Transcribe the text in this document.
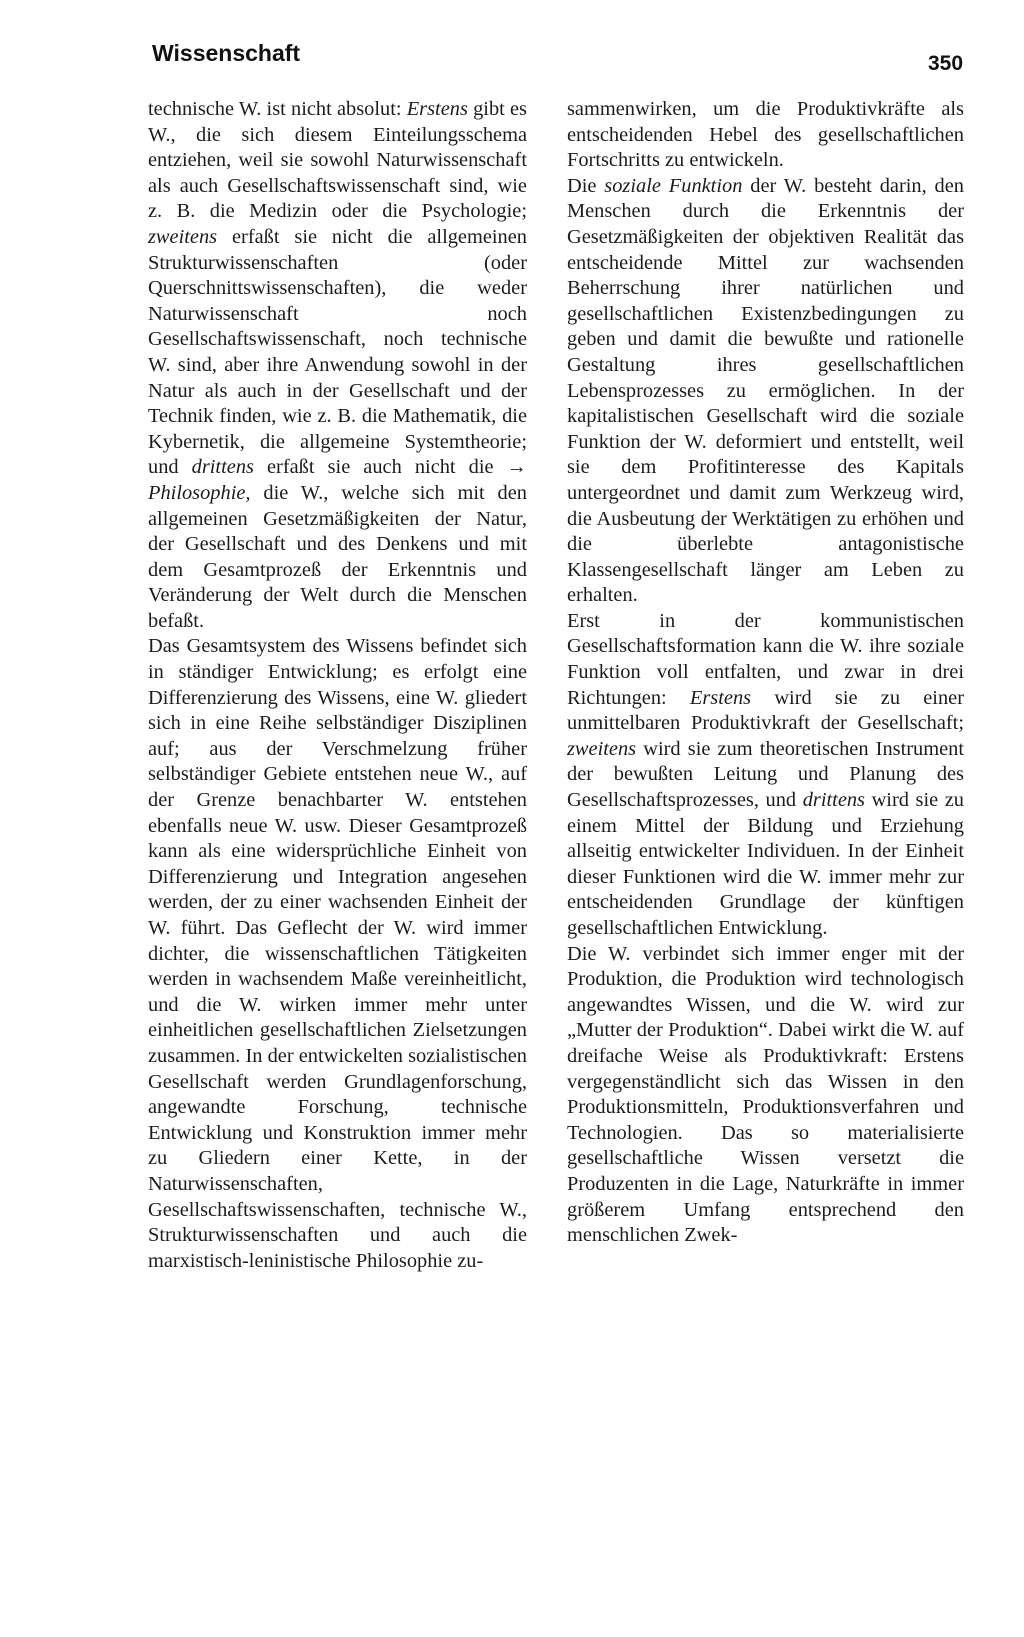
Wissenschaft	350
technische W. ist nicht absolut: Erstens gibt es W., die sich diesem Einteilungsschema entziehen, weil sie sowohl Naturwissenschaft als auch Gesellschaftswissenschaft sind, wie z. B. die Medizin oder die Psychologie; zweitens erfaßt sie nicht die allgemeinen Strukturwissenschaften (oder Querschnittswissenschaften), die weder Naturwissenschaft noch Gesellschaftswissenschaft, noch technische W. sind, aber ihre Anwendung sowohl in der Natur als auch in der Gesellschaft und der Technik finden, wie z. B. die Mathematik, die Kybernetik, die allgemeine Systemtheorie; und drittens erfaßt sie auch nicht die → Philosophie, die W., welche sich mit den allgemeinen Gesetzmäßigkeiten der Natur, der Gesellschaft und des Denkens und mit dem Gesamtprozeß der Erkenntnis und Veränderung der Welt durch die Menschen befaßt.
Das Gesamtsystem des Wissens befindet sich in ständiger Entwicklung; es erfolgt eine Differenzierung des Wissens, eine W. gliedert sich in eine Reihe selbständiger Disziplinen auf; aus der Verschmelzung früher selbständiger Gebiete entstehen neue W., auf der Grenze benachbarter W. entstehen ebenfalls neue W. usw. Dieser Gesamtprozeß kann als eine widersprüchliche Einheit von Differenzierung und Integration angesehen werden, der zu einer wachsenden Einheit der W. führt. Das Geflecht der W. wird immer dichter, die wissenschaftlichen Tätigkeiten werden in wachsendem Maße vereinheitlicht, und die W. wirken immer mehr unter einheitlichen gesellschaftlichen Zielsetzungen zusammen. In der entwickelten sozialistischen Gesellschaft werden Grundlagenforschung, angewandte Forschung, technische Entwicklung und Konstruktion immer mehr zu Gliedern einer Kette, in der Naturwissenschaften, Gesellschaftswissenschaften, technische W., Strukturwissenschaften und auch die marxistisch-leninistische Philosophie zu-
sammenwirken, um die Produktivkräfte als entscheidenden Hebel des gesellschaftlichen Fortschritts zu entwickeln.
Die soziale Funktion der W. besteht darin, den Menschen durch die Erkenntnis der Gesetzmäßigkeiten der objektiven Realität das entscheidende Mittel zur wachsenden Beherrschung ihrer natürlichen und gesellschaftlichen Existenzbedingungen zu geben und damit die bewußte und rationelle Gestaltung ihres gesellschaftlichen Lebensprozesses zu ermöglichen. In der kapitalistischen Gesellschaft wird die soziale Funktion der W. deformiert und entstellt, weil sie dem Profitinteresse des Kapitals untergeordnet und damit zum Werkzeug wird, die Ausbeutung der Werktätigen zu erhöhen und die überlebte antagonistische Klassengesellschaft länger am Leben zu erhalten.
Erst in der kommunistischen Gesellschaftsformation kann die W. ihre soziale Funktion voll entfalten, und zwar in drei Richtungen: Erstens wird sie zu einer unmittelbaren Produktivkraft der Gesellschaft; zweitens wird sie zum theoretischen Instrument der bewußten Leitung und Planung des Gesellschaftsprozesses, und drittens wird sie zu einem Mittel der Bildung und Erziehung allseitig entwickelter Individuen. In der Einheit dieser Funktionen wird die W. immer mehr zur entscheidenden Grundlage der künftigen gesellschaftlichen Entwicklung.
Die W. verbindet sich immer enger mit der Produktion, die Produktion wird technologisch angewandtes Wissen, und die W. wird zur „Mutter der Produktion“. Dabei wirkt die W. auf dreifache Weise als Produktivkraft: Erstens vergegenständlicht sich das Wissen in den Produktionsmitteln, Produktionsverfahren und Technologien. Das so materialisierte gesellschaftliche Wissen versetzt die Produzenten in die Lage, Naturkräfte in immer größerem Umfang entsprechend den menschlichen Zwek-
